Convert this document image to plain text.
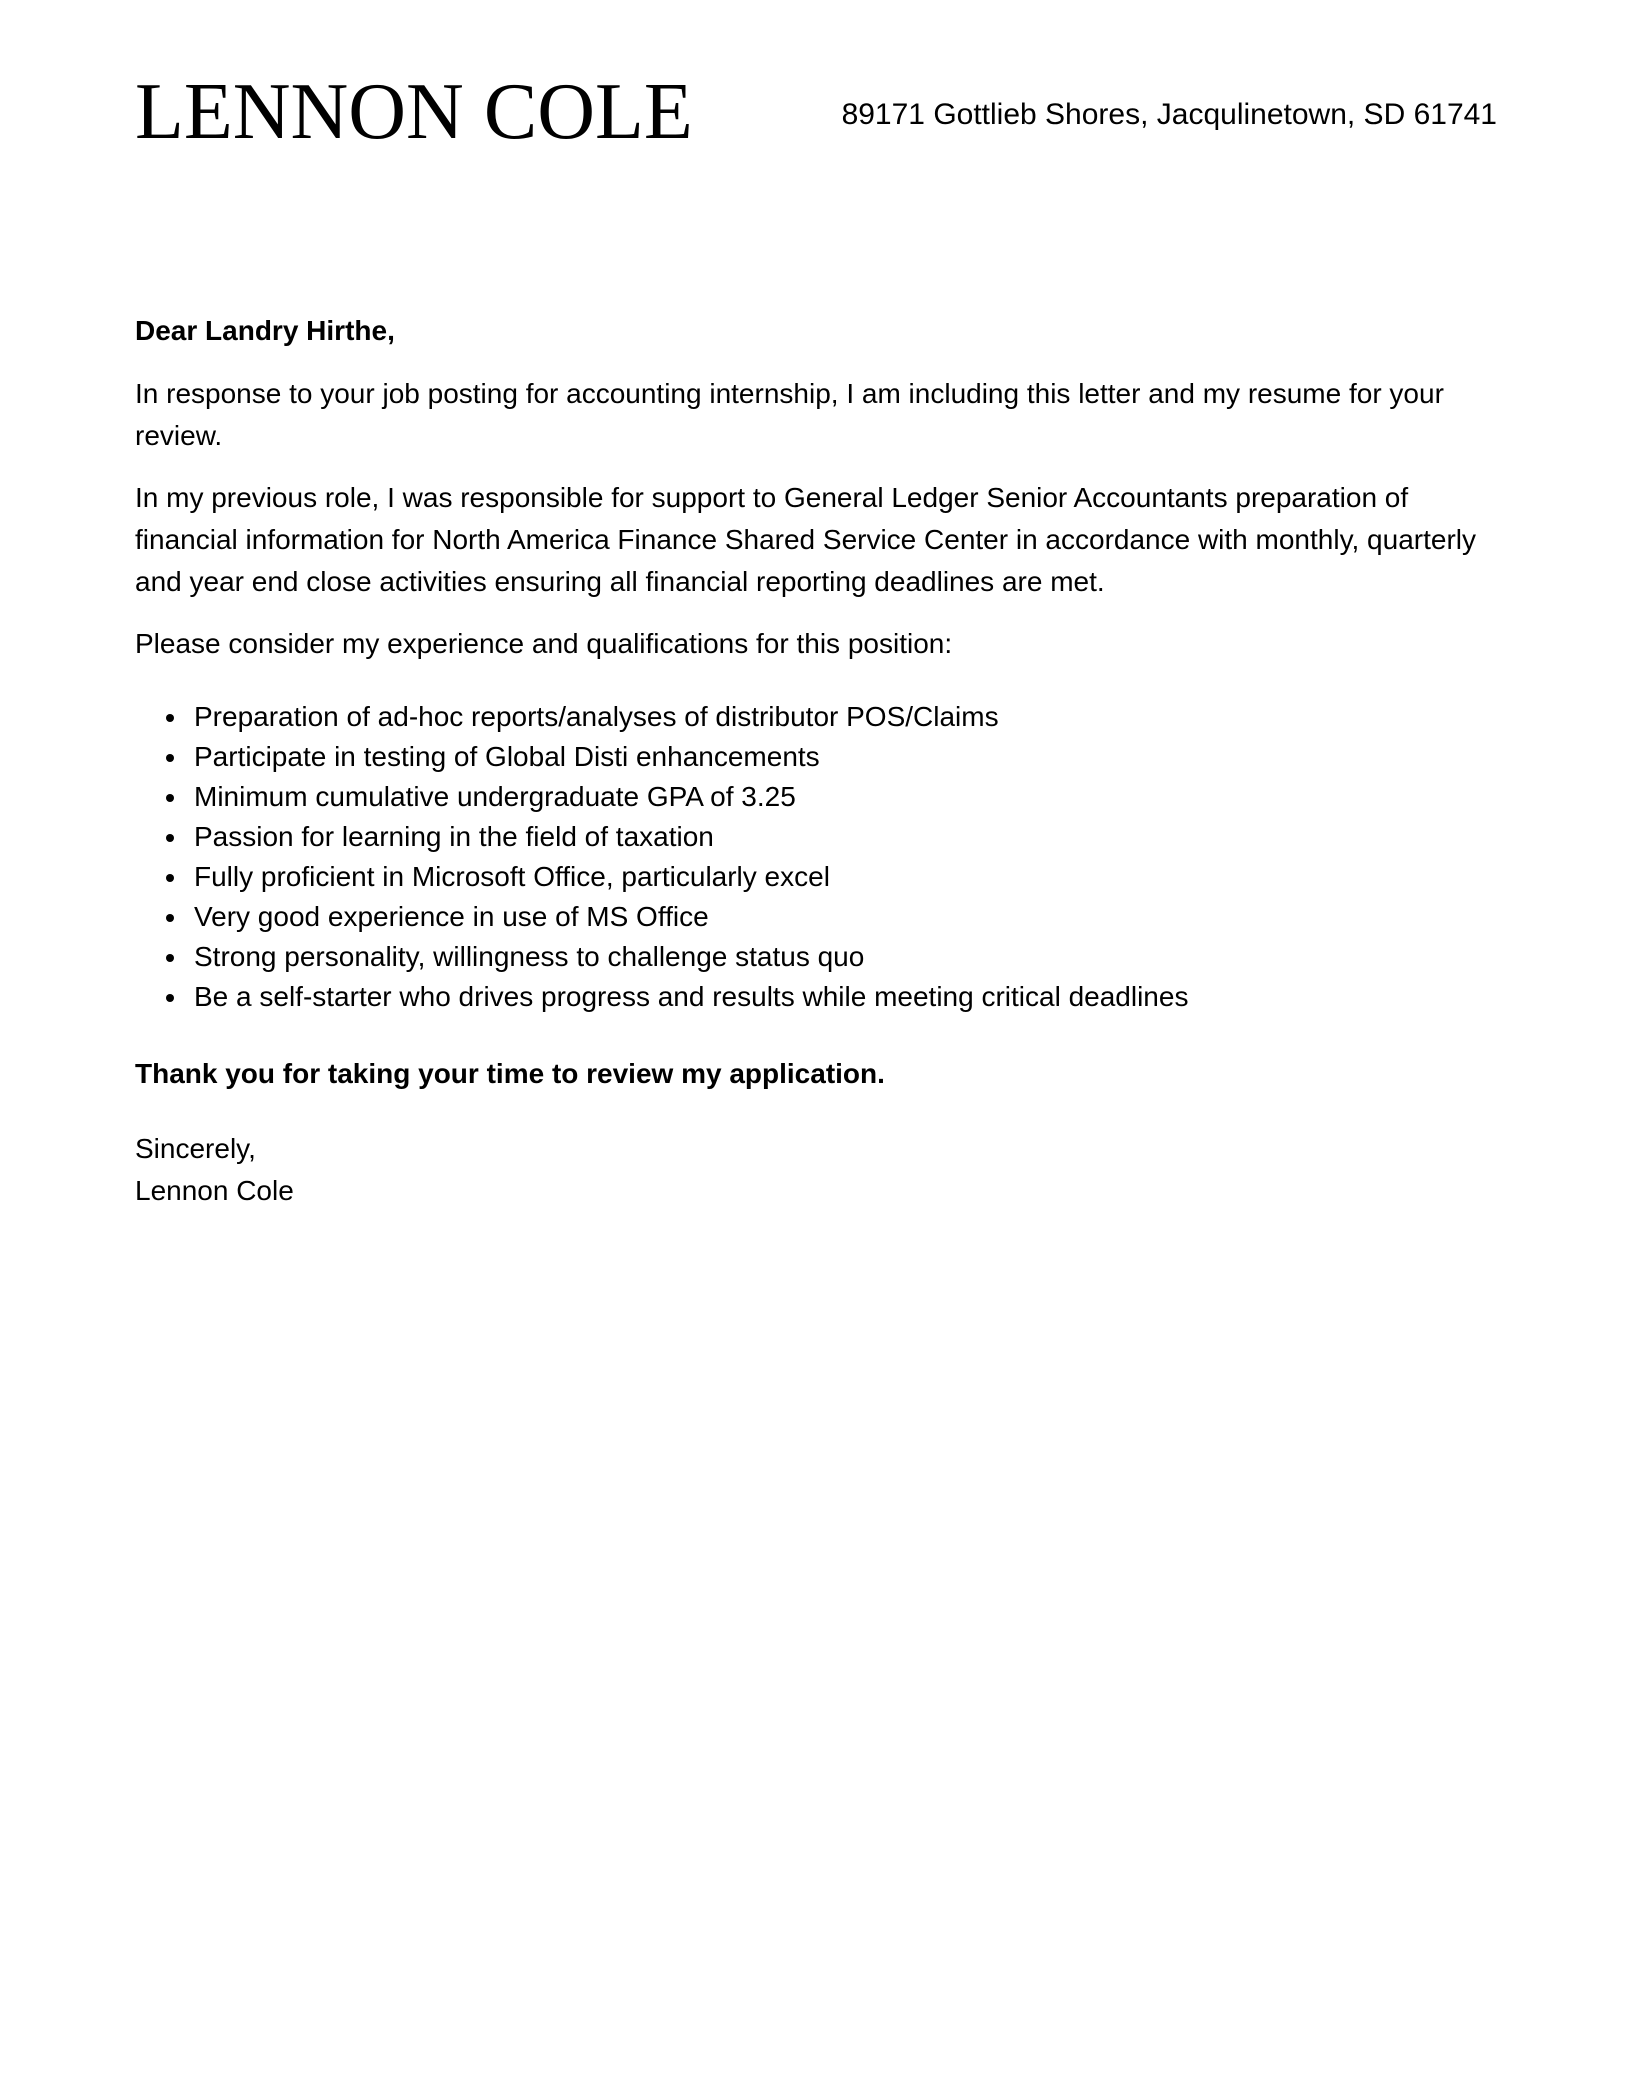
LENNON COLE	89171 Gottlieb Shores, Jacqulinetown, SD 61741
Dear Landry Hirthe,

In response to your job posting for accounting internship, I am including this letter and my resume for your review.

In my previous role, I was responsible for support to General Ledger Senior Accountants preparation of financial information for North America Finance Shared Service Center in accordance with monthly, quarterly and year end close activities ensuring all financial reporting deadlines are met.

Please consider my experience and qualifications for this position:

• Preparation of ad-hoc reports/analyses of distributor POS/Claims
• Participate in testing of Global Disti enhancements
• Minimum cumulative undergraduate GPA of 3.25
• Passion for learning in the field of taxation
• Fully proficient in Microsoft Office, particularly excel
• Very good experience in use of MS Office
• Strong personality, willingness to challenge status quo
• Be a self-starter who drives progress and results while meeting critical deadlines
Thank you for taking your time to review my application.
Sincerely,
Lennon Cole
